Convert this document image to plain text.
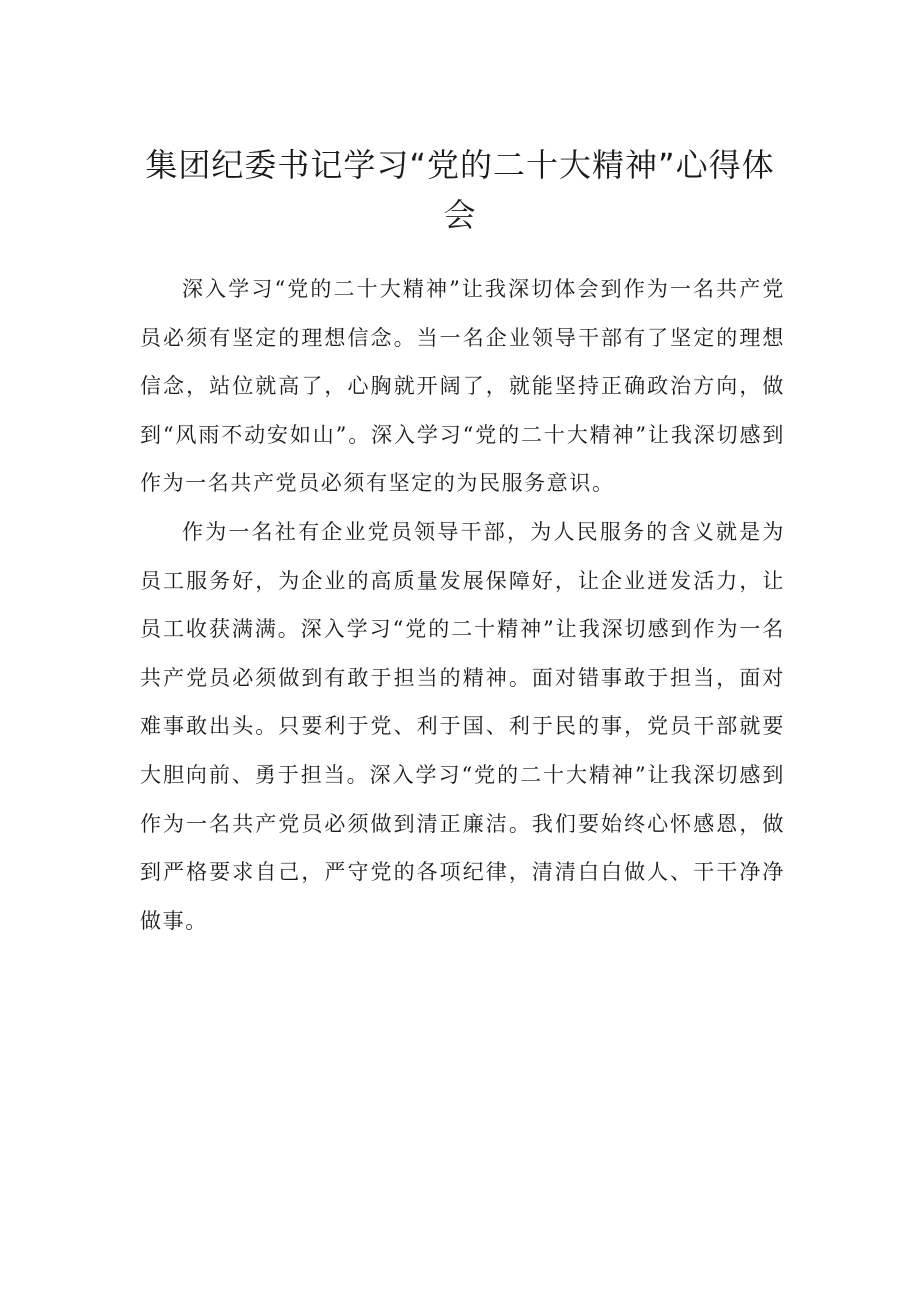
集团纪委书记学习“党的二十大精神”心得体会

深入学习“党的二十大精神”让我深切体会到作为一名共产党员必须有坚定的理想信念。当一名企业领导干部有了坚定的理想信念，站位就高了，心胸就开阔了，就能坚持正确政治方向，做到“风雨不动安如山”。深入学习“党的二十大精神”让我深切感到作为一名共产党员必须有坚定的为民服务意识。

作为一名社有企业党员领导干部，为人民服务的含义就是为员工服务好，为企业的高质量发展保障好，让企业迸发活力，让员工收获满满。深入学习“党的二十精神”让我深切感到作为一名共产党员必须做到有敢于担当的精神。面对错事敢于担当，面对难事敢出头。只要利于党、利于国、利于民的事，党员干部就要大胆向前、勇于担当。深入学习“党的二十大精神”让我深切感到作为一名共产党员必须做到清正廉洁。我们要始终心怀感恩，做到严格要求自己，严守党的各项纪律，清清白白做人、干干净净做事。
